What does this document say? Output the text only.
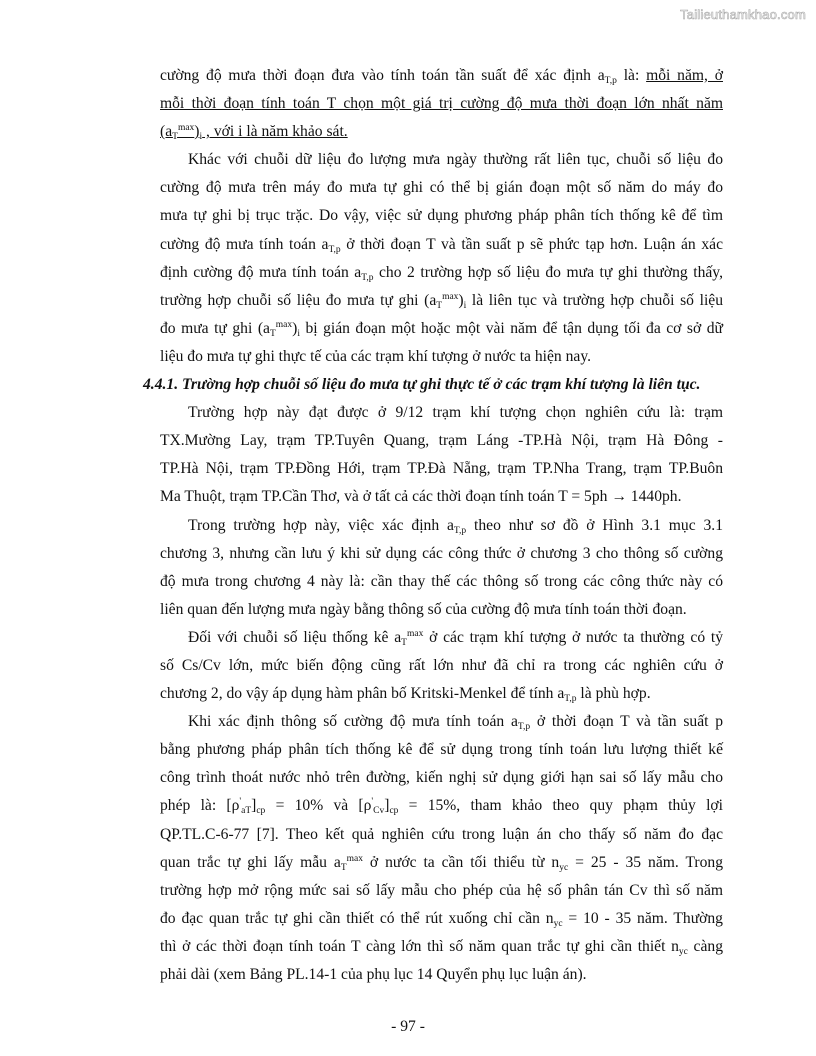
Tailieuthamkhao.com
cường độ mưa thời đoạn đưa vào tính toán tần suất để xác định $a_{T,p}$ là: mỗi năm, ở
mỗi thời đoạn tính toán T chọn một giá trị cường độ mưa thời đoạn lớn nhất năm
$(a_T^{max})_i$ , với i là năm khảo sát.
Khác với chuỗi dữ liệu đo lượng mưa ngày thường rất liên tục, chuỗi số liệu đo
cường độ mưa trên máy đo mưa tự ghi có thể bị gián đoạn một số năm do máy đo
mưa tự ghi bị trục trặc. Do vậy, việc sử dụng phương pháp phân tích thống kê để tìm
cường độ mưa tính toán $a_{T,p}$ ở thời đoạn T và tần suất p sẽ phức tạp hơn. Luận án xác
định cường độ mưa tính toán $a_{T,p}$ cho 2 trường hợp số liệu đo mưa tự ghi thường thấy,
trường hợp chuỗi số liệu đo mưa tự ghi $(a_T^{max})_i$ là liên tục và trường hợp chuỗi số liệu
đo mưa tự ghi $(a_T^{max})_i$ bị gián đoạn một hoặc một vài năm để tận dụng tối đa cơ sở dữ
liệu đo mưa tự ghi thực tế của các trạm khí tượng ở nước ta hiện nay.
4.4.1. Trường hợp chuỗi số liệu đo mưa tự ghi thực tế ở các trạm khí tượng là liên tục.
Trường hợp này đạt được ở 9/12 trạm khí tượng chọn nghiên cứu là: trạm
TX.Mường Lay, trạm TP.Tuyên Quang, trạm Láng -TP.Hà Nội, trạm Hà Đông -
TP.Hà Nội, trạm TP.Đồng Hới, trạm TP.Đà Nẵng, trạm TP.Nha Trang, trạm TP.Buôn
Ma Thuột, trạm TP.Cần Thơ, và ở tất cả các thời đoạn tính toán T = 5ph → 1440ph.
Trong trường hợp này, việc xác định $a_{T,p}$ theo như sơ đồ ở Hình 3.1 mục 3.1
chương 3, nhưng cần lưu ý khi sử dụng các công thức ở chương 3 cho thông số cường
độ mưa trong chương 4 này là: cần thay thế các thông số trong các công thức này có
liên quan đến lượng mưa ngày bằng thông số của cường độ mưa tính toán thời đoạn.
Đối với chuỗi số liệu thống kê $a_T^{max}$ ở các trạm khí tượng ở nước ta thường có tỷ
số Cs/Cv lớn, mức biến động cũng rất lớn như đã chỉ ra trong các nghiên cứu ở
chương 2, do vậy áp dụng hàm phân bố Kritski-Menkel để tính $a_{T,p}$ là phù hợp.
Khi xác định thông số cường độ mưa tính toán $a_{T,p}$ ở thời đoạn T và tần suất p
bằng phương pháp phân tích thống kê để sử dụng trong tính toán lưu lượng thiết kế
công trình thoát nước nhỏ trên đường, kiến nghị sử dụng giới hạn sai số lấy mẫu cho
phép là: $[\rho'_{aT}]_{cp} = 10\%$ và $[\rho'_{Cv}]_{cp} = 15\%$, tham khảo theo quy phạm thủy lợi
QP.TL.C-6-77 [7]. Theo kết quả nghiên cứu trong luận án cho thấy số năm đo đạc
quan trắc tự ghi lấy mẫu $a_T^{max}$ ở nước ta cần tối thiểu từ $n_{yc} = 25 - 35$ năm. Trong
trường hợp mở rộng mức sai số lấy mẫu cho phép của hệ số phân tán Cv thì số năm
đo đạc quan trắc tự ghi cần thiết có thể rút xuống chỉ cần $n_{yc} = 10 - 35$ năm. Thường
thì ở các thời đoạn tính toán T càng lớn thì số năm quan trắc tự ghi cần thiết $n_{yc}$ càng
phải dài (xem Bảng PL.14-1 của phụ lục 14 Quyển phụ lục luận án).
- 97 -
